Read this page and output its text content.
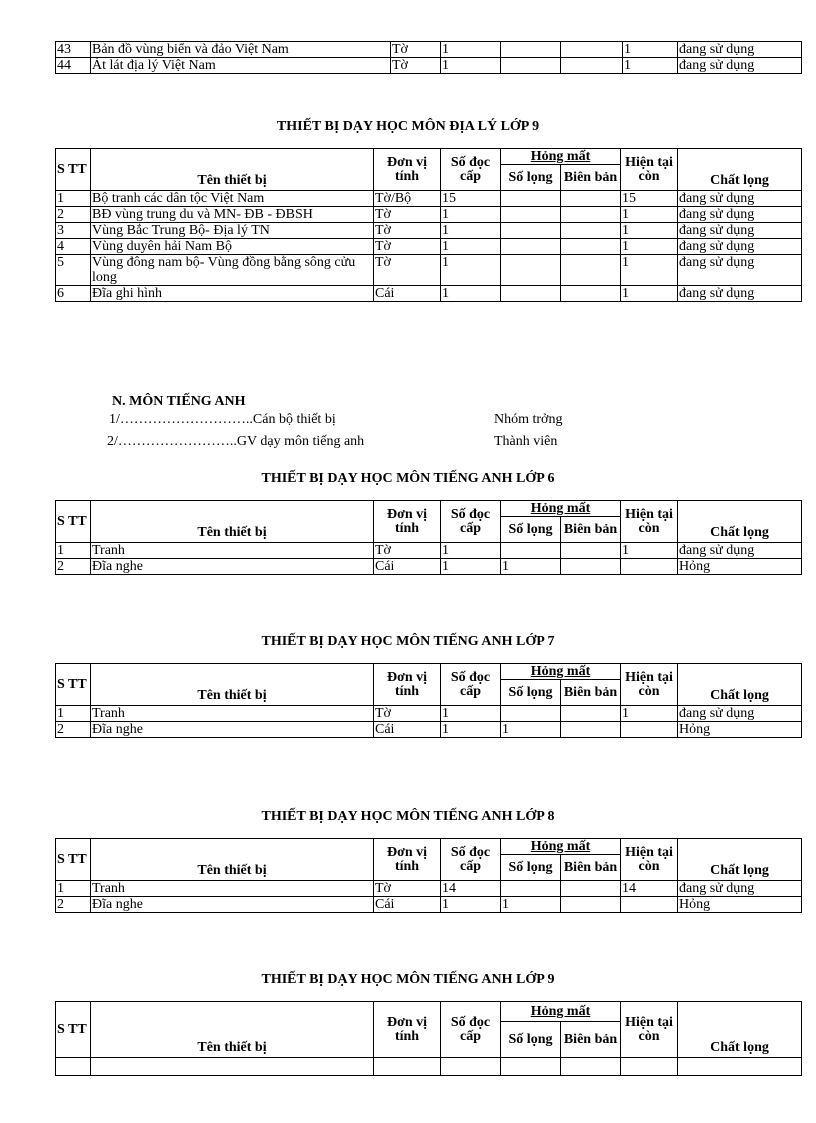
43	Bản đồ vùng biển và đảo Việt Nam	Tờ	1			1	đang sử dụng
44	Át lát địa lý Việt Nam	Tờ	1			1	đang sử dụng
THIẾT BỊ DẠY HỌC MÔN ĐỊA LÝ LỚP 9
S TT	Tên thiết bị	Đơn vị tính	Số đọc cấp	Hỏng mất		Hiện tại còn	Chất lọng
				Số lọng	Biên bản		
1	Bộ tranh các dân tộc Việt Nam	Tờ/Bộ	15			15	đang sử dụng
2	BĐ vùng trung du và MN- ĐB - ĐBSH	Tờ	1			1	đang sử dụng
3	Vùng Bắc Trung Bộ- Địa lý TN	Tờ	1			1	đang sử dụng
4	Vùng duyên hải Nam Bộ	Tờ	1			1	đang sử dụng
5	Vùng đông nam bộ- Vùng đồng bằng sông cửu long	Tờ	1			1	đang sử dụng
6	Đĩa ghi hình	Cái	1			1	đang sử dụng
N. MÔN TIẾNG ANH
1/………………………..Cán bộ thiết bị	Nhóm trởng
2/……………………..GV dạy môn tiếng anh	Thành viên
THIẾT BỊ DẠY HỌC MÔN TIẾNG ANH LỚP 6
S TT	Tên thiết bị	Đơn vị tính	Số đọc cấp	Hỏng mất		Hiện tại còn	Chất lọng
				Số lọng	Biên bản		
1	Tranh	Tờ	1			1	đang sử dụng
2	Đĩa nghe	Cái	1	1			Hỏng
THIẾT BỊ DẠY HỌC MÔN TIẾNG ANH LỚP 7
S TT	Tên thiết bị	Đơn vị tính	Số đọc cấp	Hỏng mất		Hiện tại còn	Chất lọng
				Số lọng	Biên bản		
1	Tranh	Tờ	1			1	đang sử dụng
2	Đĩa nghe	Cái	1	1			Hỏng
THIẾT BỊ DẠY HỌC MÔN TIẾNG ANH LỚP 8
S TT	Tên thiết bị	Đơn vị tính	Số đọc cấp	Hỏng mất		Hiện tại còn	Chất lọng
				Số lọng	Biên bản		
1	Tranh	Tờ	14			14	đang sử dụng
2	Đĩa nghe	Cái	1	1			Hỏng
THIẾT BỊ DẠY HỌC MÔN TIẾNG ANH LỚP 9
S TT	Tên thiết bị	Đơn vị tính	Số đọc cấp	Hỏng mất		Hiện tại còn	Chất lọng
				Số lọng	Biên bản		
